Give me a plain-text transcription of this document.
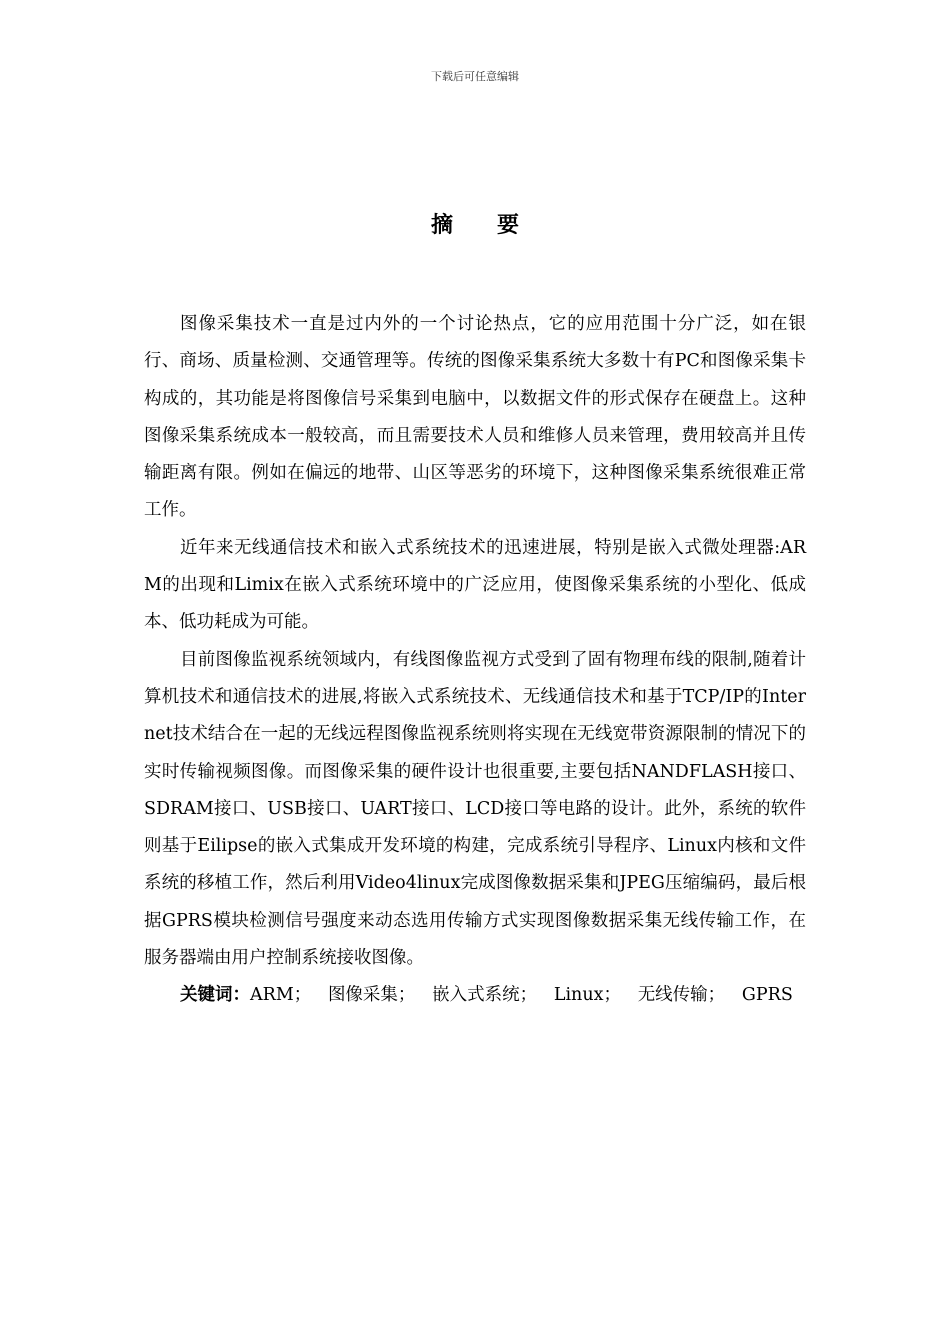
下载后可任意编辑
摘 要

图像采集技术一直是过内外的一个讨论热点，它的应用范围十分广泛，如在银行、商场、质量检测、交通管理等。传统的图像采集系统大多数十有PC和图像采集卡构成的，其功能是将图像信号采集到电脑中，以数据文件的形式保存在硬盘上。这种图像采集系统成本一般较高，而且需要技术人员和维修人员来管理，费用较高并且传输距离有限。例如在偏远的地带、山区等恶劣的环境下，这种图像采集系统很难正常工作。

近年来无线通信技术和嵌入式系统技术的迅速进展，特别是嵌入式微处理器:ARM的出现和Limix在嵌入式系统环境中的广泛应用，使图像采集系统的小型化、低成本、低功耗成为可能。

目前图像监视系统领域内，有线图像监视方式受到了固有物理布线的限制,随着计算机技术和通信技术的进展,将嵌入式系统技术、无线通信技术和基于TCP/IP的Internet技术结合在一起的无线远程图像监视系统则将实现在无线宽带资源限制的情况下的实时传输视频图像。而图像采集的硬件设计也很重要,主要包括NANDFLASH接口、SDRAM接口、USB接口、UART接口、LCD接口等电路的设计。此外，系统的软件则基于Eilipse的嵌入式集成开发环境的构建，完成系统引导程序、Linux内核和文件系统的移植工作，然后利用Video4linux完成图像数据采集和JPEG压缩编码，最后根据GPRS模块检测信号强度来动态选用传输方式实现图像数据采集无线传输工作，在服务器端由用户控制系统接收图像。

关键词：ARM； 图像采集； 嵌入式系统； Linux； 无线传输； GPRS
